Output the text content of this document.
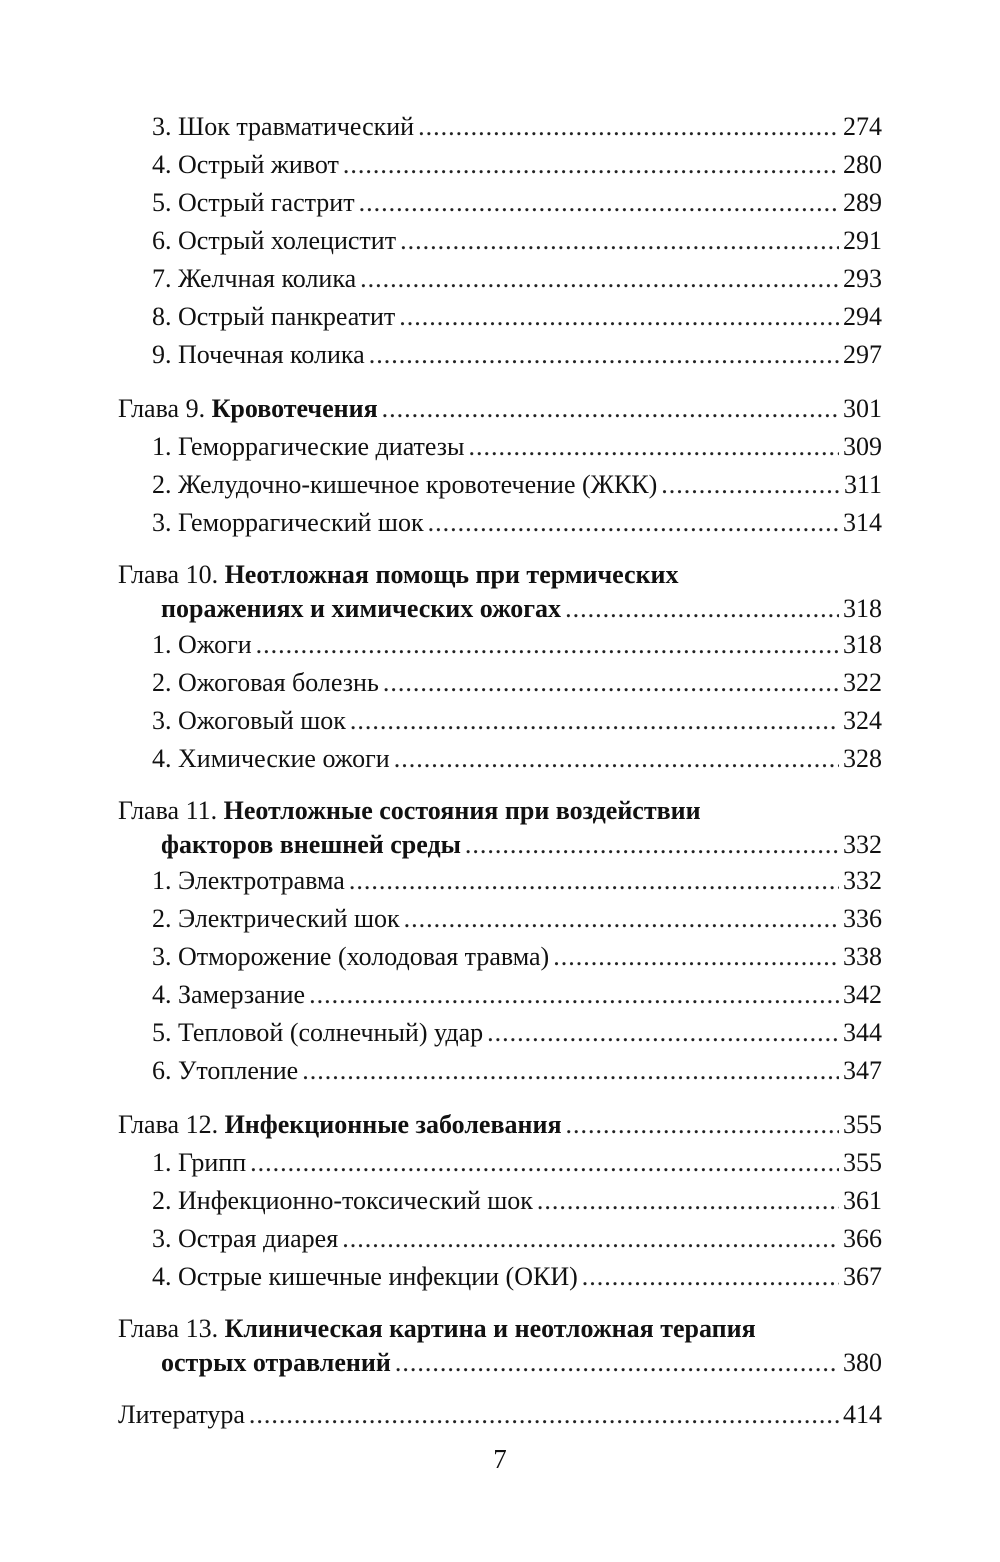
3. Шок травматический .....	274
4. Острый живот .....	280
5. Острый гастрит .....	289
6. Острый холецистит .....	291
7. Желчная колика .....	293
8. Острый панкреатит .....	294
9. Почечная колика .....	297
Глава 9. Кровотечения .....	301
1. Геморрагические диатезы .....	309
2. Желудочно-кишечное кровотечение (ЖКК) .....	311
3. Геморрагический шок .....	314
Глава 10. Неотложная помощь при термических
поражениях и химических ожогах .....	318
1. Ожоги .....	318
2. Ожоговая болезнь .....	322
3. Ожоговый шок .....	324
4. Химические ожоги .....	328
Глава 11. Неотложные состояния при воздействии
факторов внешней среды .....	332
1. Электротравма .....	332
2. Электрический шок .....	336
3. Отморожение (холодовая травма) .....	338
4. Замерзание .....	342
5. Тепловой (солнечный) удар .....	344
6. Утопление .....	347
Глава 12. Инфекционные заболевания .....	355
1. Грипп .....	355
2. Инфекционно-токсический шок .....	361
3. Острая диарея .....	366
4. Острые кишечные инфекции (ОКИ) .....	367
Глава 13. Клиническая картина и неотложная терапия
острых отравлений .....	380
Литература .....	414
7
